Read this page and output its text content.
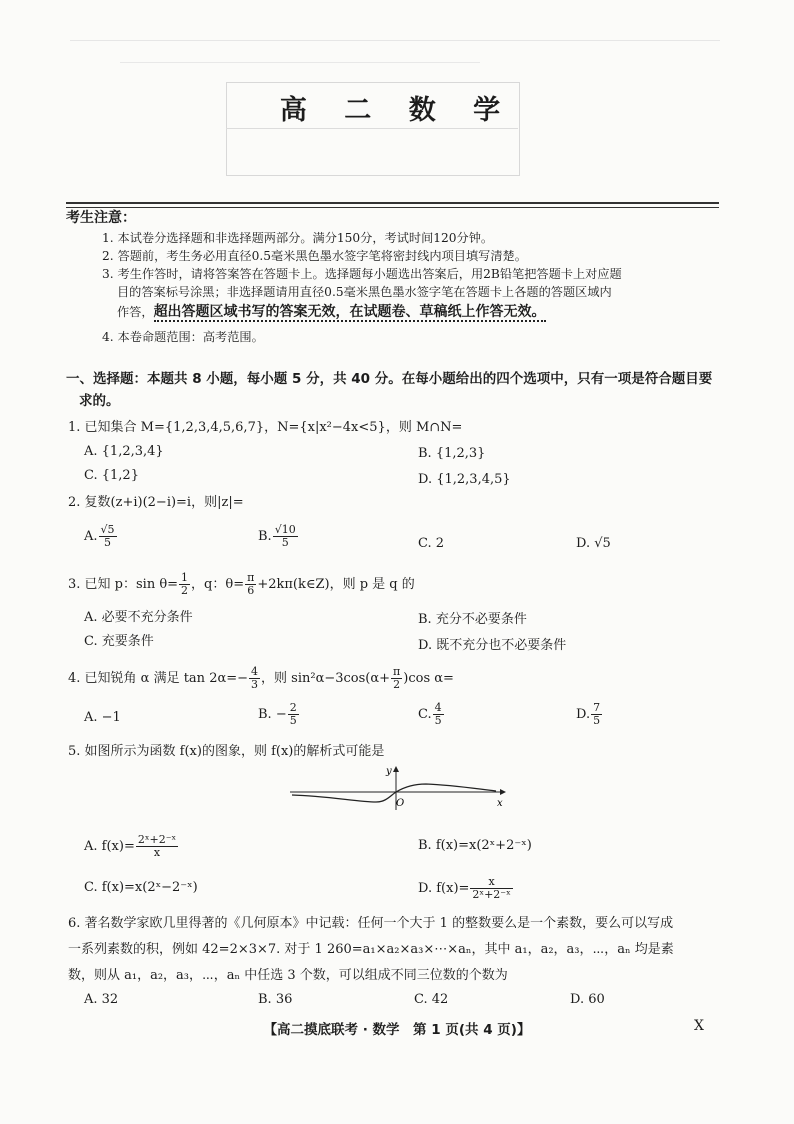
高 二 数 学
考生注意：
1. 本试卷分选择题和非选择题两部分。满分150分，考试时间120分钟。
2. 答题前，考生务必用直径0.5毫米黑色墨水签字笔将密封线内项目填写清楚。
3. 考生作答时，请将答案答在答题卡上。选择题每小题选出答案后，用2B铅笔把答题卡上对应题
目的答案标号涂黑；非选择题请用直径0.5毫米黑色墨水签字笔在答题卡上各题的答题区域内
作答，超出答题区域书写的答案无效，在试题卷、草稿纸上作答无效。
4. 本卷命题范围：高考范围。
一、选择题：本题共 8 小题，每小题 5 分，共 40 分。在每小题给出的四个选项中，只有一项是符合题目要
求的。
1. 已知集合 M={1,2,3,4,5,6,7}，N={x|x²−4x<5}，则 M∩N=
A. {1,2,3,4}	B. {1,2,3}
C. {1,2}	D. {1,2,3,4,5}
2. 复数(z+i)(2−i)=i，则|z|=
A. $\frac{√5}{5}$	B. $\frac{√10}{5}$	C. 2	D. √5
3. 已知 p：$\sin \theta= \frac{1}{2}$ ，q：$\theta= \frac{\pi}{6}$ +2kπ(k∈Z)，则 p 是 q 的
A. 必要不充分条件	B. 充分不必要条件
C. 充要条件	D. 既不充分也不必要条件
4. 已知锐角 α 满足 $\tan 2\alpha=- \frac{4}{3}$ ，则 $\sin^2\alpha-3\cos(\alpha+ \frac{\pi}{2} )\cos$ α=
A. −1	B. − $\frac{2}{5}$	C. $\frac{4}{5}$	D. $\frac{7}{5}$
5. 如图所示为函数 f(x)的图象，则 f(x)的解析式可能是
y
x
O
A. $f(x)= \frac{\text{2ˣ+2⁻ˣ}}{x}$	B. f(x)=x(2ˣ+2⁻ˣ)
C. f(x)=x(2ˣ−2⁻ˣ)	D. $f(x)= \frac{x}{\text{2ˣ+2⁻ˣ}}$
6. 著名数学家欧几里得著的《几何原本》中记载：任何一个大于 1 的整数要么是一个素数，要么可以写成
一系列素数的积，例如 42=2×3×7. 对于 1 260=a₁×a₂×a₃×⋯×aₙ，其中 a₁，a₂，a₃，⋯，aₙ 均是素
数，则从 a₁，a₂，a₃，⋯，aₙ 中任选 3 个数，可以组成不同三位数的个数为
A. 32	B. 36	C. 42	D. 60
【高二摸底联考 · 数学　第 1 页(共 4 页)】	X
